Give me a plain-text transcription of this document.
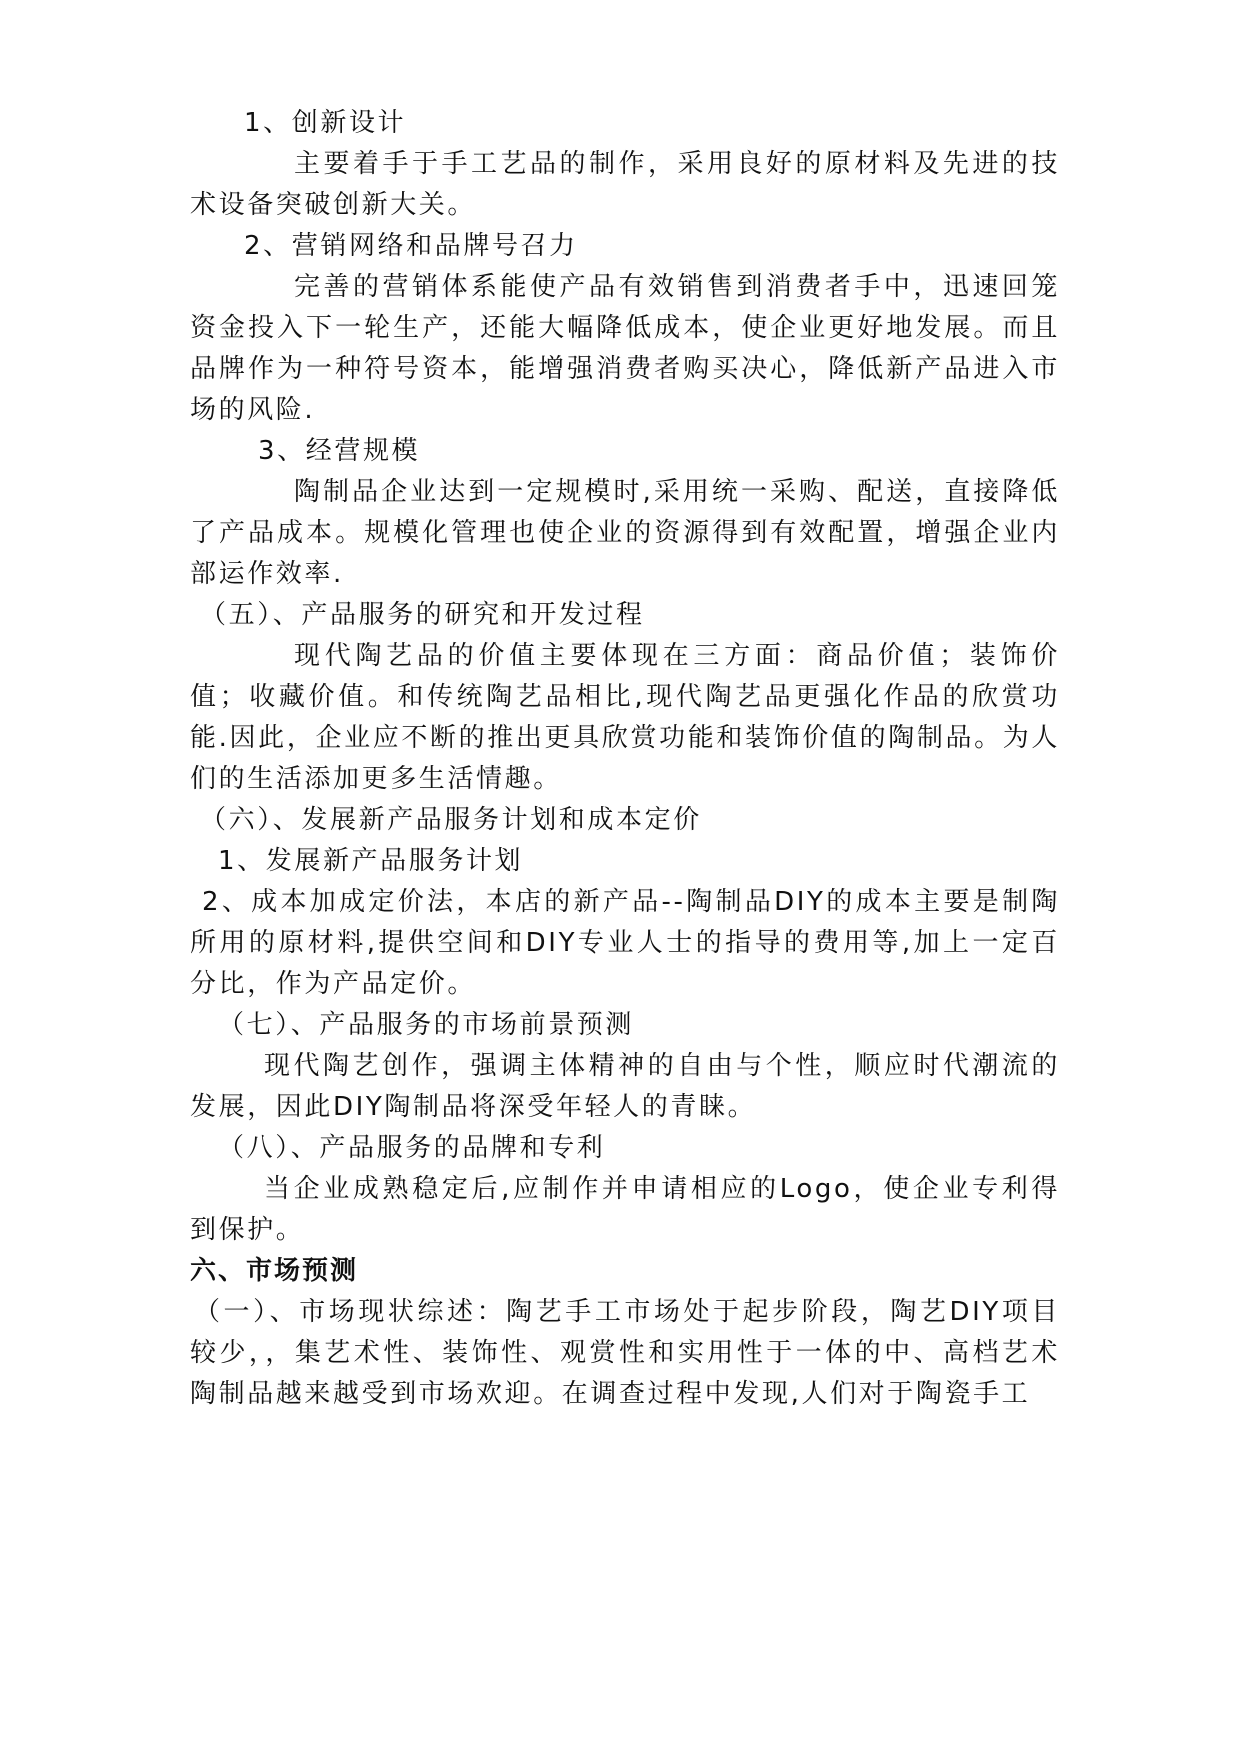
1、创新设计

主要着手于手工艺品的制作，采用良好的原材料及先进的技术设备突破创新大关。

2、营销网络和品牌号召力

完善的营销体系能使产品有效销售到消费者手中，迅速回笼资金投入下一轮生产，还能大幅降低成本，使企业更好地发展。而且品牌作为一种符号资本，能增强消费者购买决心，降低新产品进入市场的风险.

3、经营规模

陶制品企业达到一定规模时,采用统一采购、配送，直接降低了产品成本。规模化管理也使企业的资源得到有效配置，增强企业内部运作效率.

（五）、产品服务的研究和开发过程

现代陶艺品的价值主要体现在三方面：商品价值；装饰价值；收藏价值。和传统陶艺品相比,现代陶艺品更强化作品的欣赏功能.因此，企业应不断的推出更具欣赏功能和装饰价值的陶制品。为人们的生活添加更多生活情趣。

（六）、发展新产品服务计划和成本定价

1、发展新产品服务计划

2、成本加成定价法，本店的新产品--陶制品DIY的成本主要是制陶所用的原材料,提供空间和DIY专业人士的指导的费用等,加上一定百分比，作为产品定价。

（七）、产品服务的市场前景预测

现代陶艺创作，强调主体精神的自由与个性，顺应时代潮流的发展，因此DIY陶制品将深受年轻人的青睐。

（八）、产品服务的品牌和专利

当企业成熟稳定后,应制作并申请相应的Logo，使企业专利得到保护。

六、市场预测

（一）、市场现状综述：陶艺手工市场处于起步阶段，陶艺DIY项目较少，，集艺术性、装饰性、观赏性和实用性于一体的中、高档艺术陶制品越来越受到市场欢迎。在调查过程中发现,人们对于陶瓷手工
